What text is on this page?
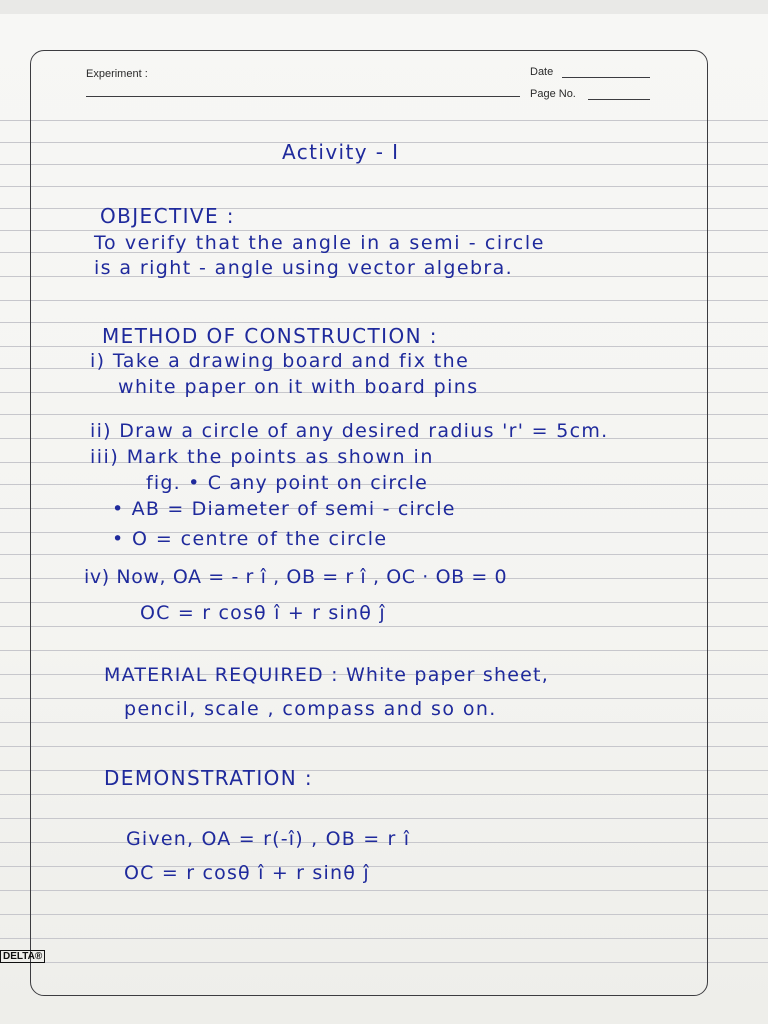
Experiment :	Date
Page No.
Activity - I
OBJECTIVE :
To verify that the angle in a semi - circle
is a right - angle using vector algebra.
METHOD OF CONSTRUCTION :
i) Take a drawing board and fix the
white paper on it with board pins
ii) Draw a circle of any desired radius 'r' = 5cm.
iii) Mark the points as shown in
fig. • C any point on circle
• AB = Diameter of semi - circle
• O = centre of the circle
iv) Now, OA = - r î , OB = r î , OC · OB = 0
OC = r cosθ î + r sinθ ĵ
MATERIAL REQUIRED : White paper sheet,
pencil, scale , compass and so on.
DEMONSTRATION :
Given, OA = r(-î) , OB = r î
OC = r cosθ î + r sinθ ĵ
DELTA®
